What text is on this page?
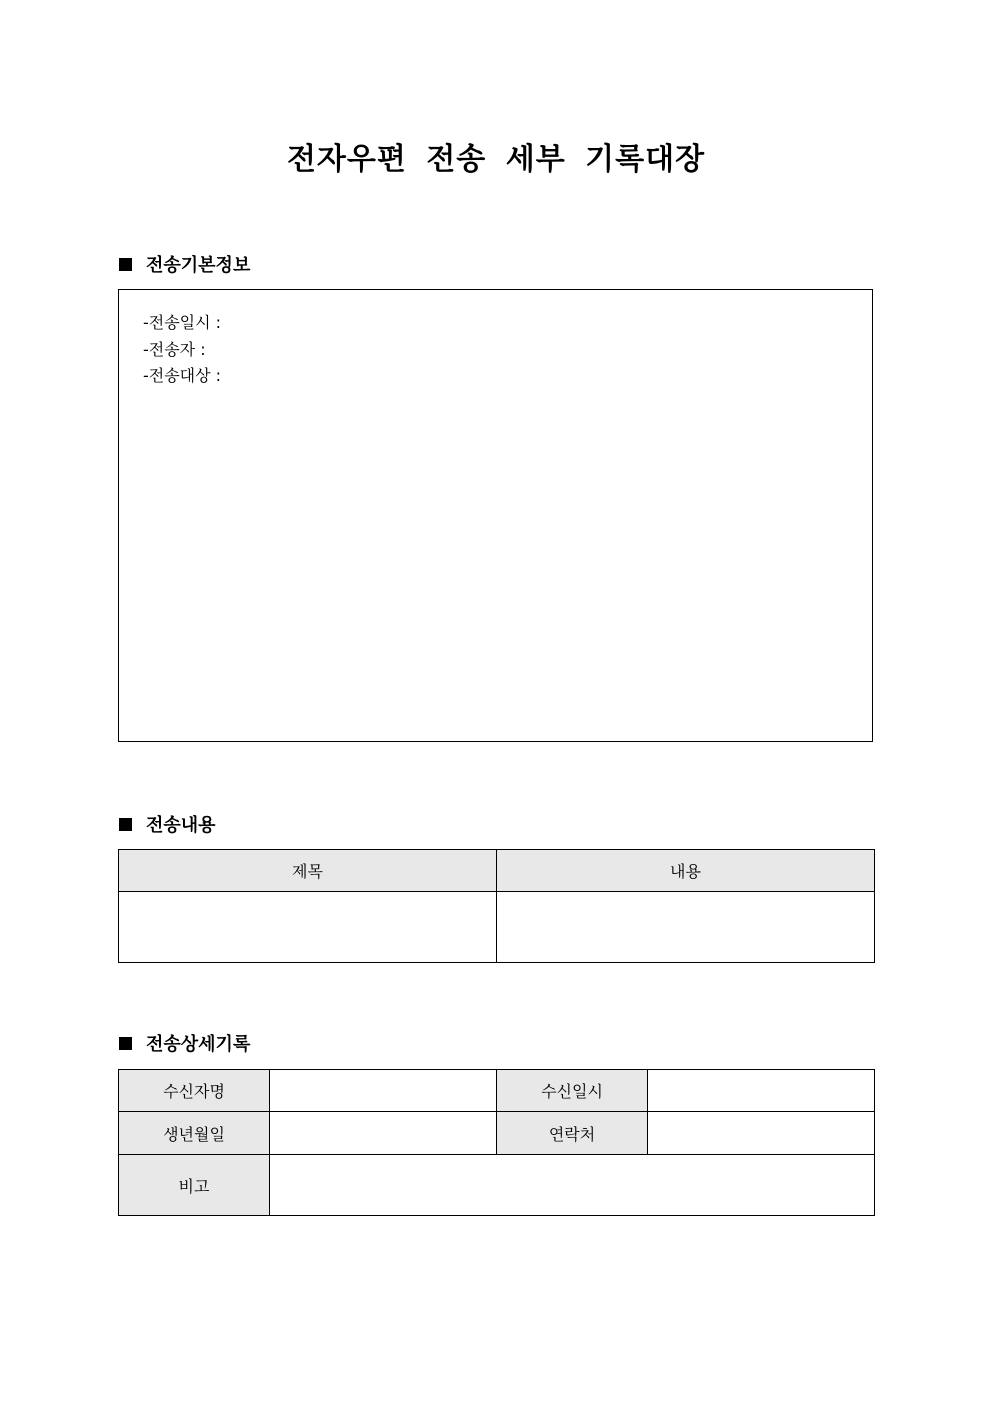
전자우편 전송 세부 기록대장
전송기본정보
-전송일시 :
-전송자 :
-전송대상 :
전송내용
제목	내용

전송상세기록
수신자명		수신일시	
생년월일		연락처	
비고			
